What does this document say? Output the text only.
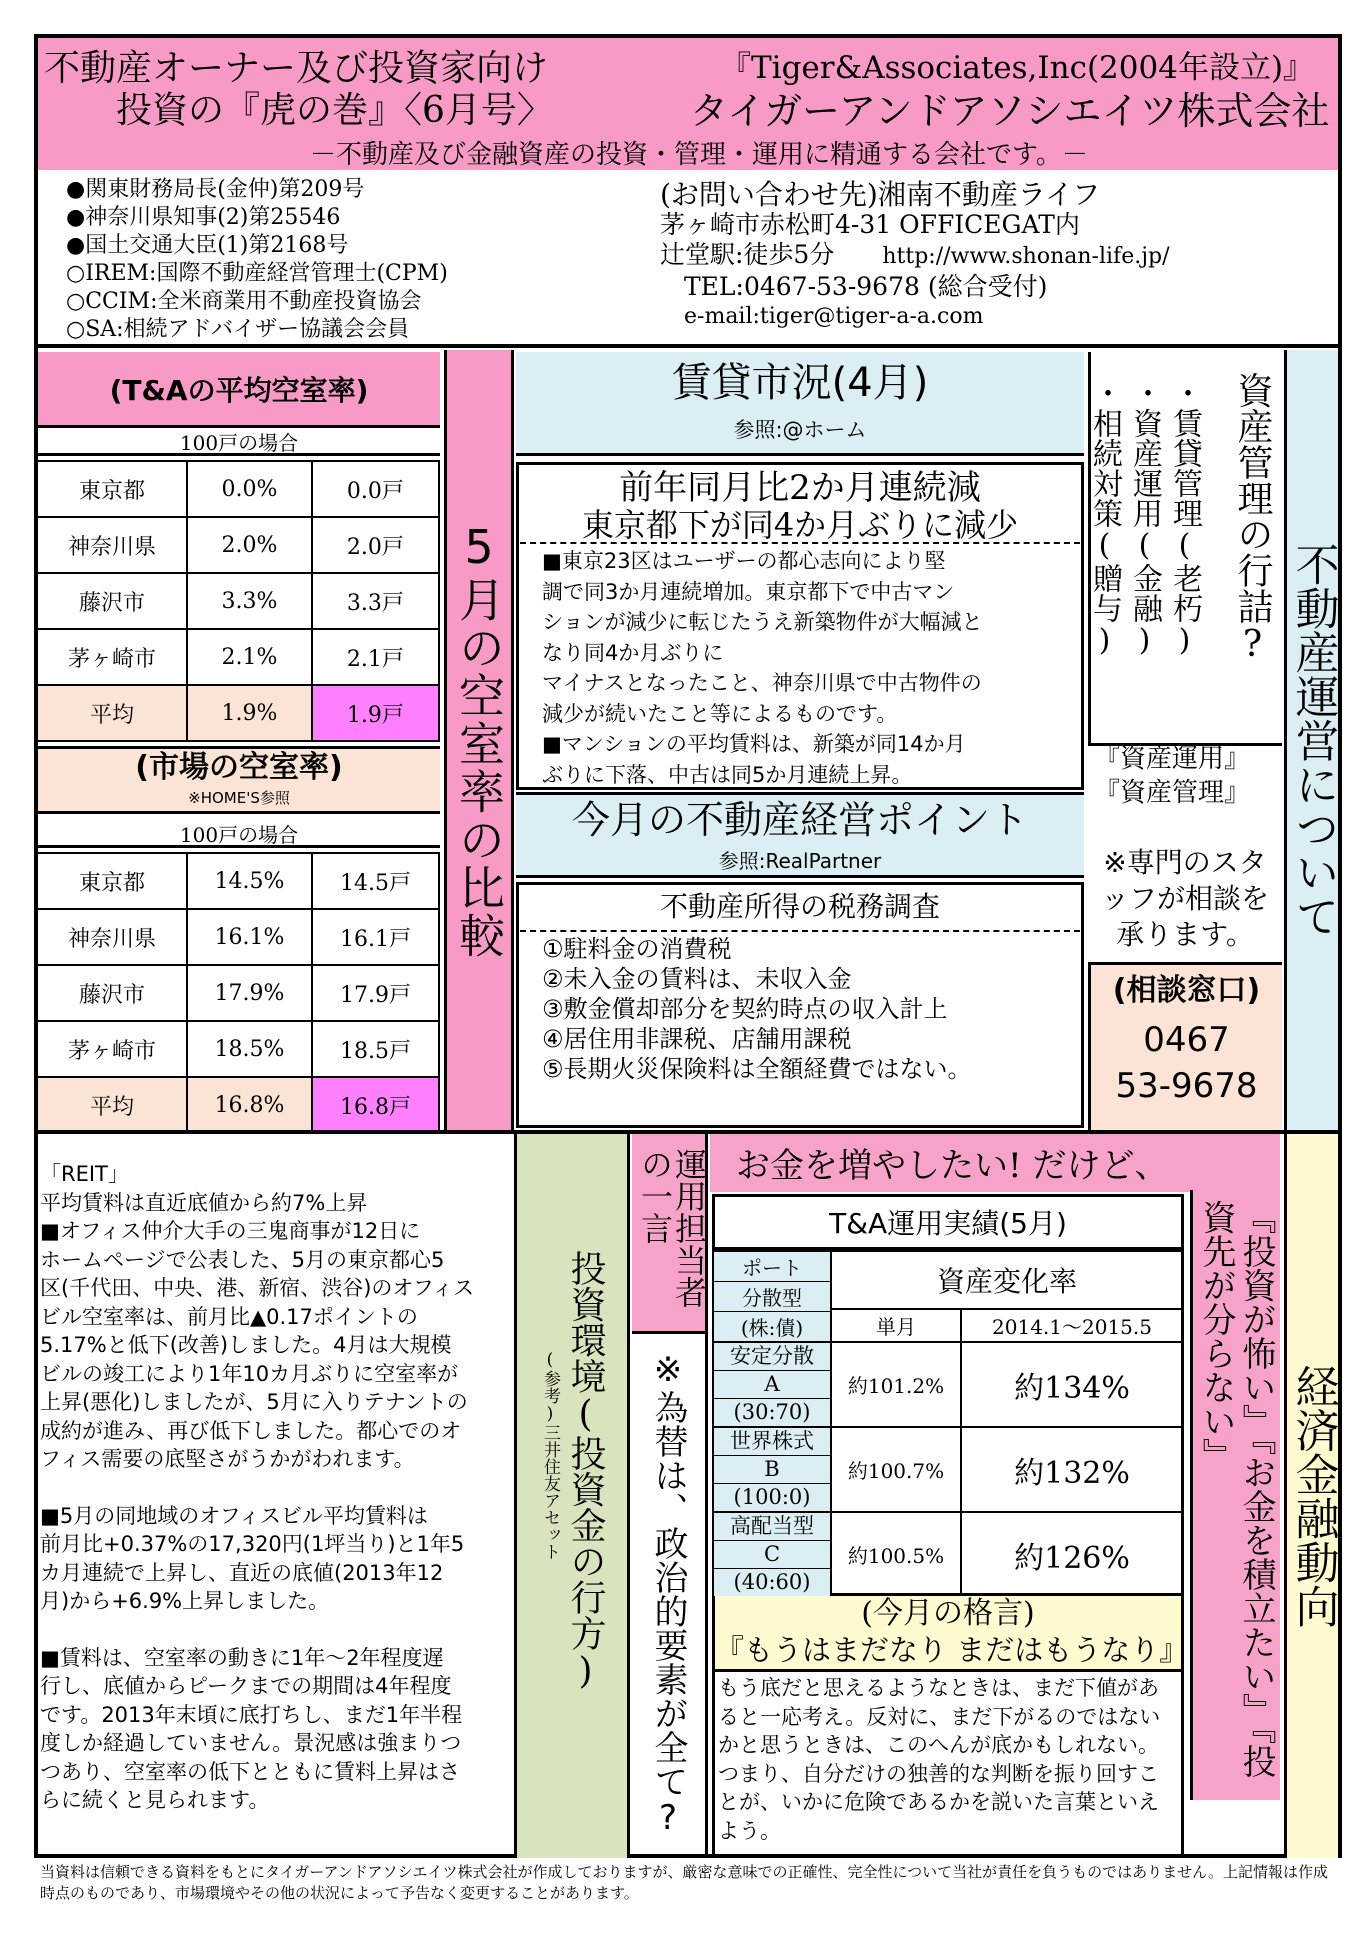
不動産オーナー及び投資家向け
投資の『虎の巻』〈6月号〉
『Tiger&Associates,Inc(2004年設立)』
タイガーアンドアソシエイツ株式会社
－不動産及び金融資産の投資・管理・運用に精通する会社です。－
●関東財務局長(金仲)第209号
●神奈川県知事(2)第25546
●国土交通大臣(1)第2168号
○IREM:国際不動産経営管理士(CPM)
○CCIM:全米商業用不動産投資協会
○SA:相続アドバイザー協議会会員
(お問い合わせ先)湘南不動産ライフ
茅ヶ崎市赤松町4-31 OFFICEGAT内
辻堂駅:徒歩5分 http://www.shonan-life.jp/
TEL:0467-53-9678 (総合受付)
e-mail:tiger@tiger-a-a.com
(T&Aの平均空室率)
100戸の場合
東京都	0.0%	0.0戸
神奈川県	2.0%	2.0戸
藤沢市	3.3%	3.3戸
茅ヶ崎市	2.1%	2.1戸
平均	1.9%	1.9戸
(市場の空室率)
※HOME'S参照
100戸の場合
東京都	14.5%	14.5戸
神奈川県	16.1%	16.1戸
藤沢市	17.9%	17.9戸
茅ヶ崎市	18.5%	18.5戸
平均	16.8%	16.8戸
5月の空室率の比較
賃貸市況(4月)
参照:@ホーム
前年同月比2か月連続減
東京都下が同4か月ぶりに減少
■東京23区はユーザーの都心志向により堅
調で同3か月連続増加。東京都下で中古マン
ションが減少に転じたうえ新築物件が大幅減と
なり同4か月ぶりに
マイナスとなったこと、神奈川県で中古物件の
減少が続いたこと等によるものです。
■マンションの平均賃料は、新築が同14か月
ぶりに下落、中古は同5か月連続上昇。
今月の不動産経営ポイント
参照:RealPartner
不動産所得の税務調査
①駐料金の消費税
②未入金の賃料は、未収入金
③敷金償却部分を契約時点の収入計上
④居住用非課税、店舗用課税
⑤長期火災保険料は全額経費ではない。
資産管理の行詰?
・賃貸管理(老朽)
・資産運用(金融)
・相続対策(贈与)
『資産運用』
『資産管理』
※専門のスタッフが相談を承ります。
(相談窓口)
0467
53-9678
不動産運営について
「REIT」
平均賃料は直近底値から約7%上昇
■オフィス仲介大手の三鬼商事が12日に
ホームページで公表した、5月の東京都心5
区(千代田、中央、港、新宿、渋谷)のオフィス
ビル空室率は、前月比▲0.17ポイントの
5.17%と低下(改善)しました。4月は大規模
ビルの竣工により1年10カ月ぶりに空室率が
上昇(悪化)しましたが、5月に入りテナントの
成約が進み、再び低下しました。都心でのオ
フィス需要の底堅さがうかがわれます。
■5月の同地域のオフィスビル平均賃料は
前月比+0.37%の17,320円(1坪当り)と1年5
カ月連続で上昇し、直近の底値(2013年12
月)から+6.9%上昇しました。
■賃料は、空室率の動きに1年〜2年程度遅
行し、底値からピークまでの期間は4年程度
です。2013年末頃に底打ちし、まだ1年半程
度しか経過していません。景況感は強まりつ
つあり、空室率の低下とともに賃料上昇はさ
らに続くと見られます。
投資環境(投資金の行方)
(参考)三井住友アセット
運用担当者の一言
※為替は、政治的要素が全て?
お金を増やしたい! だけど、
『投資が怖い』『お金を積立たい』『投資先が分らない』
T&A運用実績(5月)
ポート
分散型
(株:債)	資産変化率	
	単月	2014.1〜2015.5

安定分散
A
(30:70)	約101.2%	約134%

世界株式
B
(100:0)	約100.7%	約132%

高配当型
C
(40:60)	約100.5%	約126%
(今月の格言)
『もうはまだなり まだはもうなり』
もう底だと思えるようなときは、まだ下値があると一応考え。反対に、まだ下がるのではないかと思うときは、このへんが底かもしれない。つまり、自分だけの独善的な判断を振り回すことが、いかに危険であるかを説いた言葉といえよう。
経済金融動向
当資料は信頼できる資料をもとにタイガーアンドアソシエイツ株式会社が作成しておりますが、厳密な意味での正確性、完全性について当社が責任を負うものではありません。上記情報は作成時点のものであり、市場環境やその他の状況によって予告なく変更することがあります。
